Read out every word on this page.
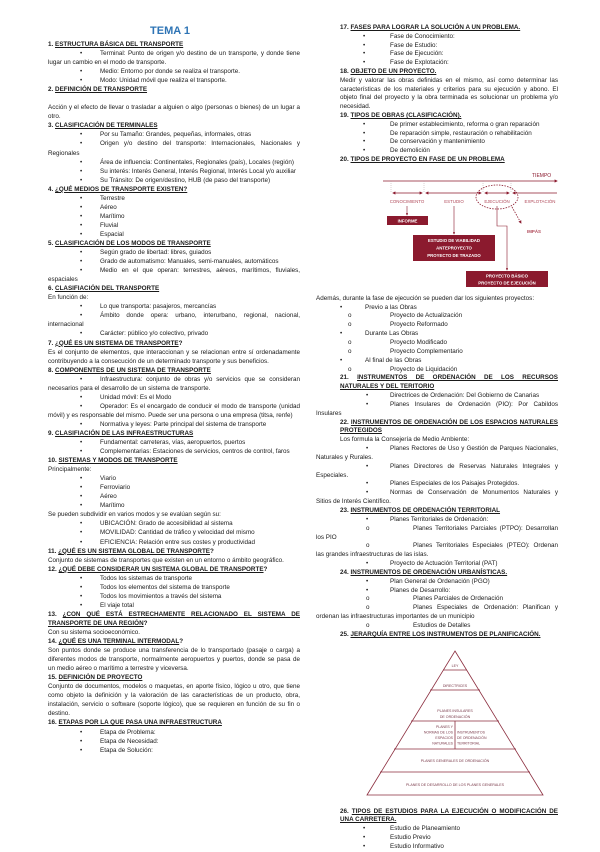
TEMA 1

1. ESTRUCTURA BÁSICA DEL TRANSPORTE

•	Terminal: Punto de origen y/o destino de un transporte, y donde tiene lugar un cambio en el modo de transporte.

•	Medio: Entorno por donde se realiza el transporte.

•	Modo: Unidad móvil que realiza el transporte.

2. DEFINICIÓN DE TRANSPORTE

Acción y el efecto de llevar o trasladar a alguien o algo (personas o bienes) de un lugar a otro.

3. CLASIFICACIÓN DE TERMINALES

•	Por su Tamaño: Grandes, pequeñas, informales, otras

•	Origen y/o destino del transporte: Internacionales, Nacionales y Regionales

•	Área de influencia: Continentales, Regionales (país), Locales (región)

•	Su interés: Interés General, Interés Regional, Interés Local y/o auxiliar

•	Su Tránsito: De origen/destino, HUB (de paso del transporte)

4. ¿QUÉ MEDIOS DE TRANSPORTE EXISTEN?

•	Terrestre

•	Aéreo

•	Marítimo

•	Fluvial

•	Espacial

5. CLASIFICACIÓN DE LOS MODOS DE TRANSPORTE

•	Según grado de libertad: libres, guiados

•	Grado de automatismo: Manuales, semi-manuales, automáticos

•	Medio en el que operan: terrestres, aéreos, marítimos, fluviales, espaciales

6. CLASIFIACIÓN DEL TRANSPORTE

En función de:

•	Lo que transporta: pasajeros, mercancías

•	Ámbito donde opera: urbano, interurbano, regional, nacional, internacional

•	Carácter: público y/o colectivo, privado

7. ¿QUÉ ES UN SISTEMA DE TRANSPORTE?

Es el conjunto de elementos, que interaccionan y se relacionan entre sí ordenadamente contribuyendo a la consecución de un determinado transporte y sus beneficios.

8. COMPONENTES DE UN SISTEMA DE TRANSPORTE

•	Infraestructura: conjunto de obras y/o servicios que se consideran necesarios para el desarrollo de un sistema de transporte.

•	Unidad móvil: Es el Modo

•	Operador: Es el encargado de conducir el modo de transporte (unidad móvil) y es responsable del mismo. Puede ser una persona o una empresa (titsa, renfe)

•	Normativa y leyes: Parte principal del sistema de transporte

9. CLASIFIACIÓN DE LAS INFRAESTRUCTURAS

•	Fundamental: carreteras, vías, aeropuertos, puertos

•	Complementarias: Estaciones de servicios, centros de control, faros

10. SISTEMAS Y MODOS DE TRANSPORTE

Principalmente:

•	Viario

•	Ferroviario

•	Aéreo

•	Marítimo

Se pueden subdividir en varios modos y se evalúan según su:

•	UBICACIÓN: Grado de accesibilidad al sistema

•	MOVILIDAD: Cantidad de tráfico y velocidad del mismo

•	EFICIENCIA: Relación entre sus costes y productividad

11. ¿QUÉ ES UN SISTEMA GLOBAL DE TRANSPORTE?

Conjunto de sistemas de transportes que existen en un entorno o ámbito geográfico.

12. ¿QUÉ DEBE CONSIDERAR UN SISTEMA GLOBAL DE TRANSPORTE?

•	Todos los sistemas de transporte

•	Todos los elementos del sistema de transporte

•	Todos los movimientos a través del sistema

•	El viaje total

13. ¿CON QUÉ ESTÁ ESTRECHAMENTE RELACIONADO EL SISTEMA DE TRANSPORTE DE UNA REGIÓN?

Con su sistema socioeconómico.

14. ¿QUÉ ES UNA TERMINAL INTERMODAL?

Son puntos donde se produce una transferencia de lo transportado (pasaje o carga) a diferentes modos de transporte, normalmente aeropuertos y puertos, donde se pasa de un medio aéreo o marítimo a terrestre y viceversa.

15. DEFINICIÓN DE PROYECTO

Conjunto de documentos, modelos o maquetas, en aporte físico, lógico u otro, que tiene como objeto la definición y la valoración de las características de un producto, obra, instalación, servicio o software (soporte lógico), que se requieren en función de su fin o destino.

16. ETAPAS POR LA QUE PASA UNA INFRAESTRUCTURA

•	Etapa de Problema:

•	Etapa de Necesidad:

•	Etapa de Solución:

17. FASES PARA LOGRAR LA SOLUCIÓN A UN PROBLEMA.

•	Fase de Conocimiento:

•	Fase de Estudio:

•	Fase de Ejecución:

•	Fase de Explotación:

18. OBJETO DE UN PROYECTO.

Medir y valorar las obras definidas en el mismo, así como determinar las características de los materiales y criterios para su ejecución y abono. El objeto final del proyecto y la obra terminada es solucionar un problema y/o necesidad.

19. TIPOS DE OBRAS (CLASIFICACIÓN).

•	De primer establecimiento, reforma o gran reparación

•	De reparación simple, restauración o rehabilitación

•	De conservación y mantenimiento

•	De demolición

20. TIPOS DE PROYECTO EN FASE DE UN PROBLEMA

TIEMPO
CONOCIMIENTO	ESTUDIO	EJECUCIÓN	EXPLOTACIÓN
IMPÁS
INFORME
ESTUDIO DE VIABILIDAD
ANTEPROYECTO
PROYECTO DE TRAZADO
PROYECTO BÁSICO
PROYECTO DE EJECUCIÓN

Además, durante la fase de ejecución se pueden dar los siguientes proyectos:

•	Previo a las Obras

o	Proyecto de Actualización

o	Proyecto Reformado

•	Durante Las Obras

o	Proyecto Modificado

o	Proyecto Complementario

•	Al final de las Obras

o	Proyecto de Liquidación

21. INSTRUMENTOS DE ORDENACIÓN DE LOS RECURSOS NATURALES Y DEL TERITORIO

•	Directrices de Ordenación: Del Gobierno de Canarias

•	Planes Insulares de Ordenación (PIO): Por Cabildos Insulares

22. INSTRUMENTOS DE ORDENACIÓN DE LOS ESPACIOS NATURALES PROTEGIDOS

Los formula la Consejería de Medio Ambiente:

•	Planes Rectores de Uso y Gestión de Parques Nacionales, Naturales y Rurales.

•	Planes Directores de Reservas Naturales Integrales y Especiales.

•	Planes Especiales de los Paisajes Protegidos.

•	Normas de Conservación de Monumentos Naturales y Sitios de Interés Científico.

23. INSTRUMENTOS DE ORDENACIÓN TERRITORIAL

•	Planes Territoriales de Ordenación:

o	Planes Territoriales Parciales (PTPO): Desarrollan los PIO

o	Planes Territoriales Especiales (PTEO): Ordenan las grandes infraestructuras de las islas.

•	Proyecto de Actuación Territorial (PAT)

24. INSTRUMENTOS DE ORDENACIÓN URBANÍSTICAS.

•	Plan General de Ordenación (PGO)

•	Planes de Desarrollo:

o	Planes Parciales de Ordenación

o	Planes Especiales de Ordenación: Planifican y ordenan las infraestructuras importantes de un municipio

o	Estudios de Detalles

25. JERARQUÍA ENTRE LOS INSTRUMENTOS DE PLANIFICACIÓN.

LEY
DIRECTRICES
PLANES INSULARES
DE ORDENACIÓN
PLANES GENERALES DE ORDENACIÓN
PLANES DE DESARROLLO DE LOS PLANES GENERALES
PLANES Y
NORMAS DE LOS
ESPACIOS
NATURALES
INSTRUMENTOS
DE ORDENACIÓN
TERRITORIAL

26. TIPOS DE ESTUDIOS PARA LA EJECUCIÓN O MODIFICACIÓN DE UNA CARRETERA.

•	Estudio de Planeamiento

•	Estudio Previo

•	Estudio Informativo
